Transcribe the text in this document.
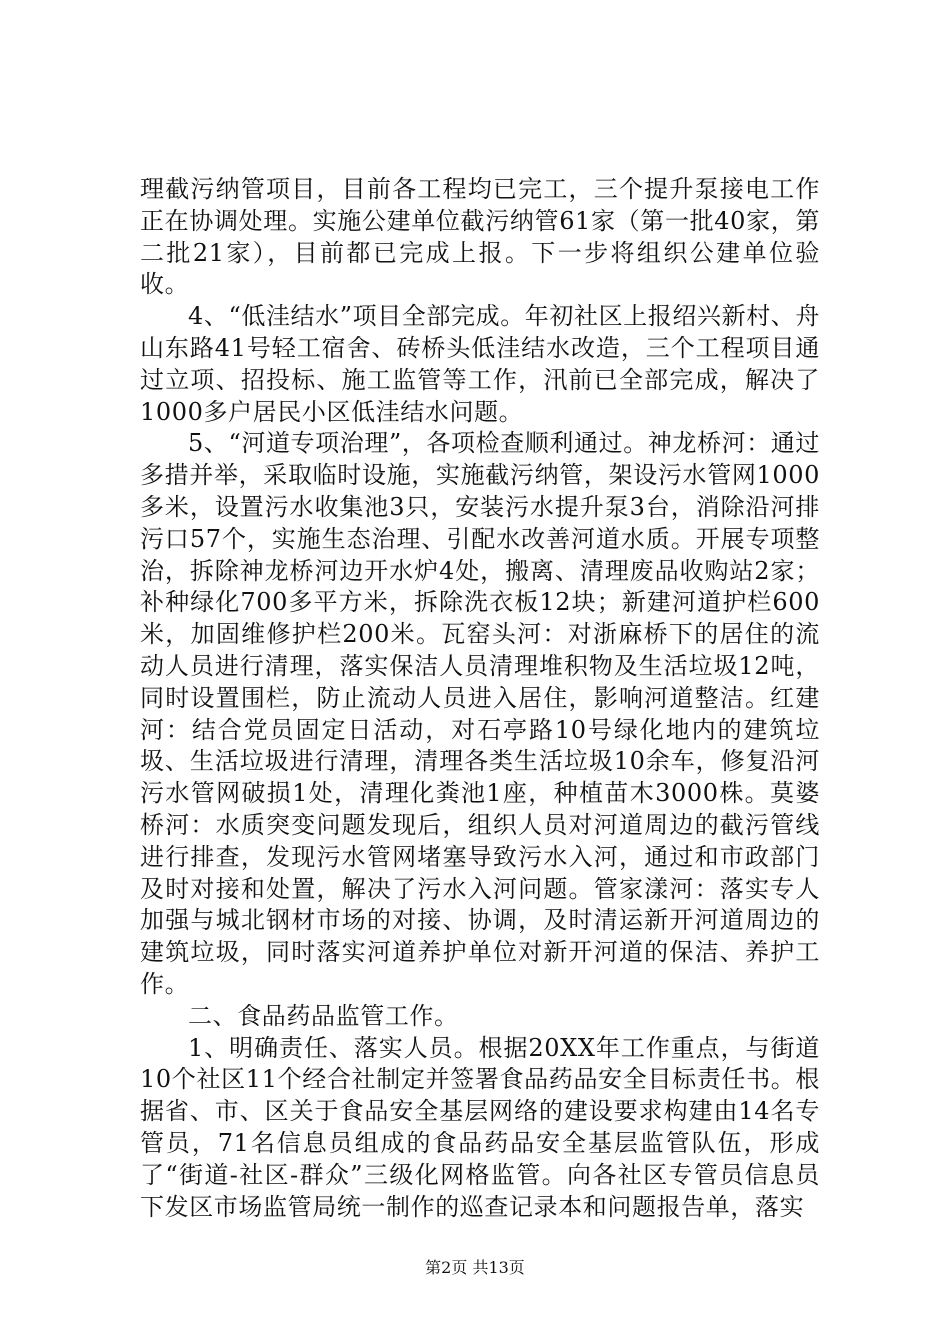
理截污纳管项目，目前各工程均已完工，三个提升泵接电工作正在协调处理。实施公建单位截污纳管61家（第一批40家，第二批21家），目前都已完成上报。下一步将组织公建单位验收。

4、“低洼结水”项目全部完成。年初社区上报绍兴新村、舟山东路41号轻工宿舍、砖桥头低洼结水改造，三个工程项目通过立项、招投标、施工监管等工作，汛前已全部完成，解决了1000多户居民小区低洼结水问题。

5、“河道专项治理”，各项检查顺利通过。神龙桥河：通过多措并举，采取临时设施，实施截污纳管，架设污水管网1000多米，设置污水收集池3只，安装污水提升泵3台，消除沿河排污口57个，实施生态治理、引配水改善河道水质。开展专项整治，拆除神龙桥河边开水炉4处，搬离、清理废品收购站2家；补种绿化700多平方米，拆除洗衣板12块；新建河道护栏600米，加固维修护栏200米。瓦窑头河：对浙麻桥下的居住的流动人员进行清理，落实保洁人员清理堆积物及生活垃圾12吨，同时设置围栏，防止流动人员进入居住，影响河道整洁。红建河：结合党员固定日活动，对石亭路10号绿化地内的建筑垃圾、生活垃圾进行清理，清理各类生活垃圾10余车，修复沿河污水管网破损1处，清理化粪池1座，种植苗木3000株。莫婆桥河：水质突变问题发现后，组织人员对河道周边的截污管线进行排查，发现污水管网堵塞导致污水入河，通过和市政部门及时对接和处置，解决了污水入河问题。管家漾河：落实专人加强与城北钢材市场的对接、协调，及时清运新开河道周边的建筑垃圾，同时落实河道养护单位对新开河道的保洁、养护工作。

二、食品药品监管工作。

1、明确责任、落实人员。根据20XX年工作重点，与街道10个社区11个经合社制定并签署食品药品安全目标责任书。根据省、市、区关于食品安全基层网络的建设要求构建由14名专管员，71名信息员组成的食品药品安全基层监管队伍，形成了“街道-社区-群众”三级化网格监管。向各社区专管员信息员下发区市场监管局统一制作的巡查记录本和问题报告单，落实

第2页 共13页
